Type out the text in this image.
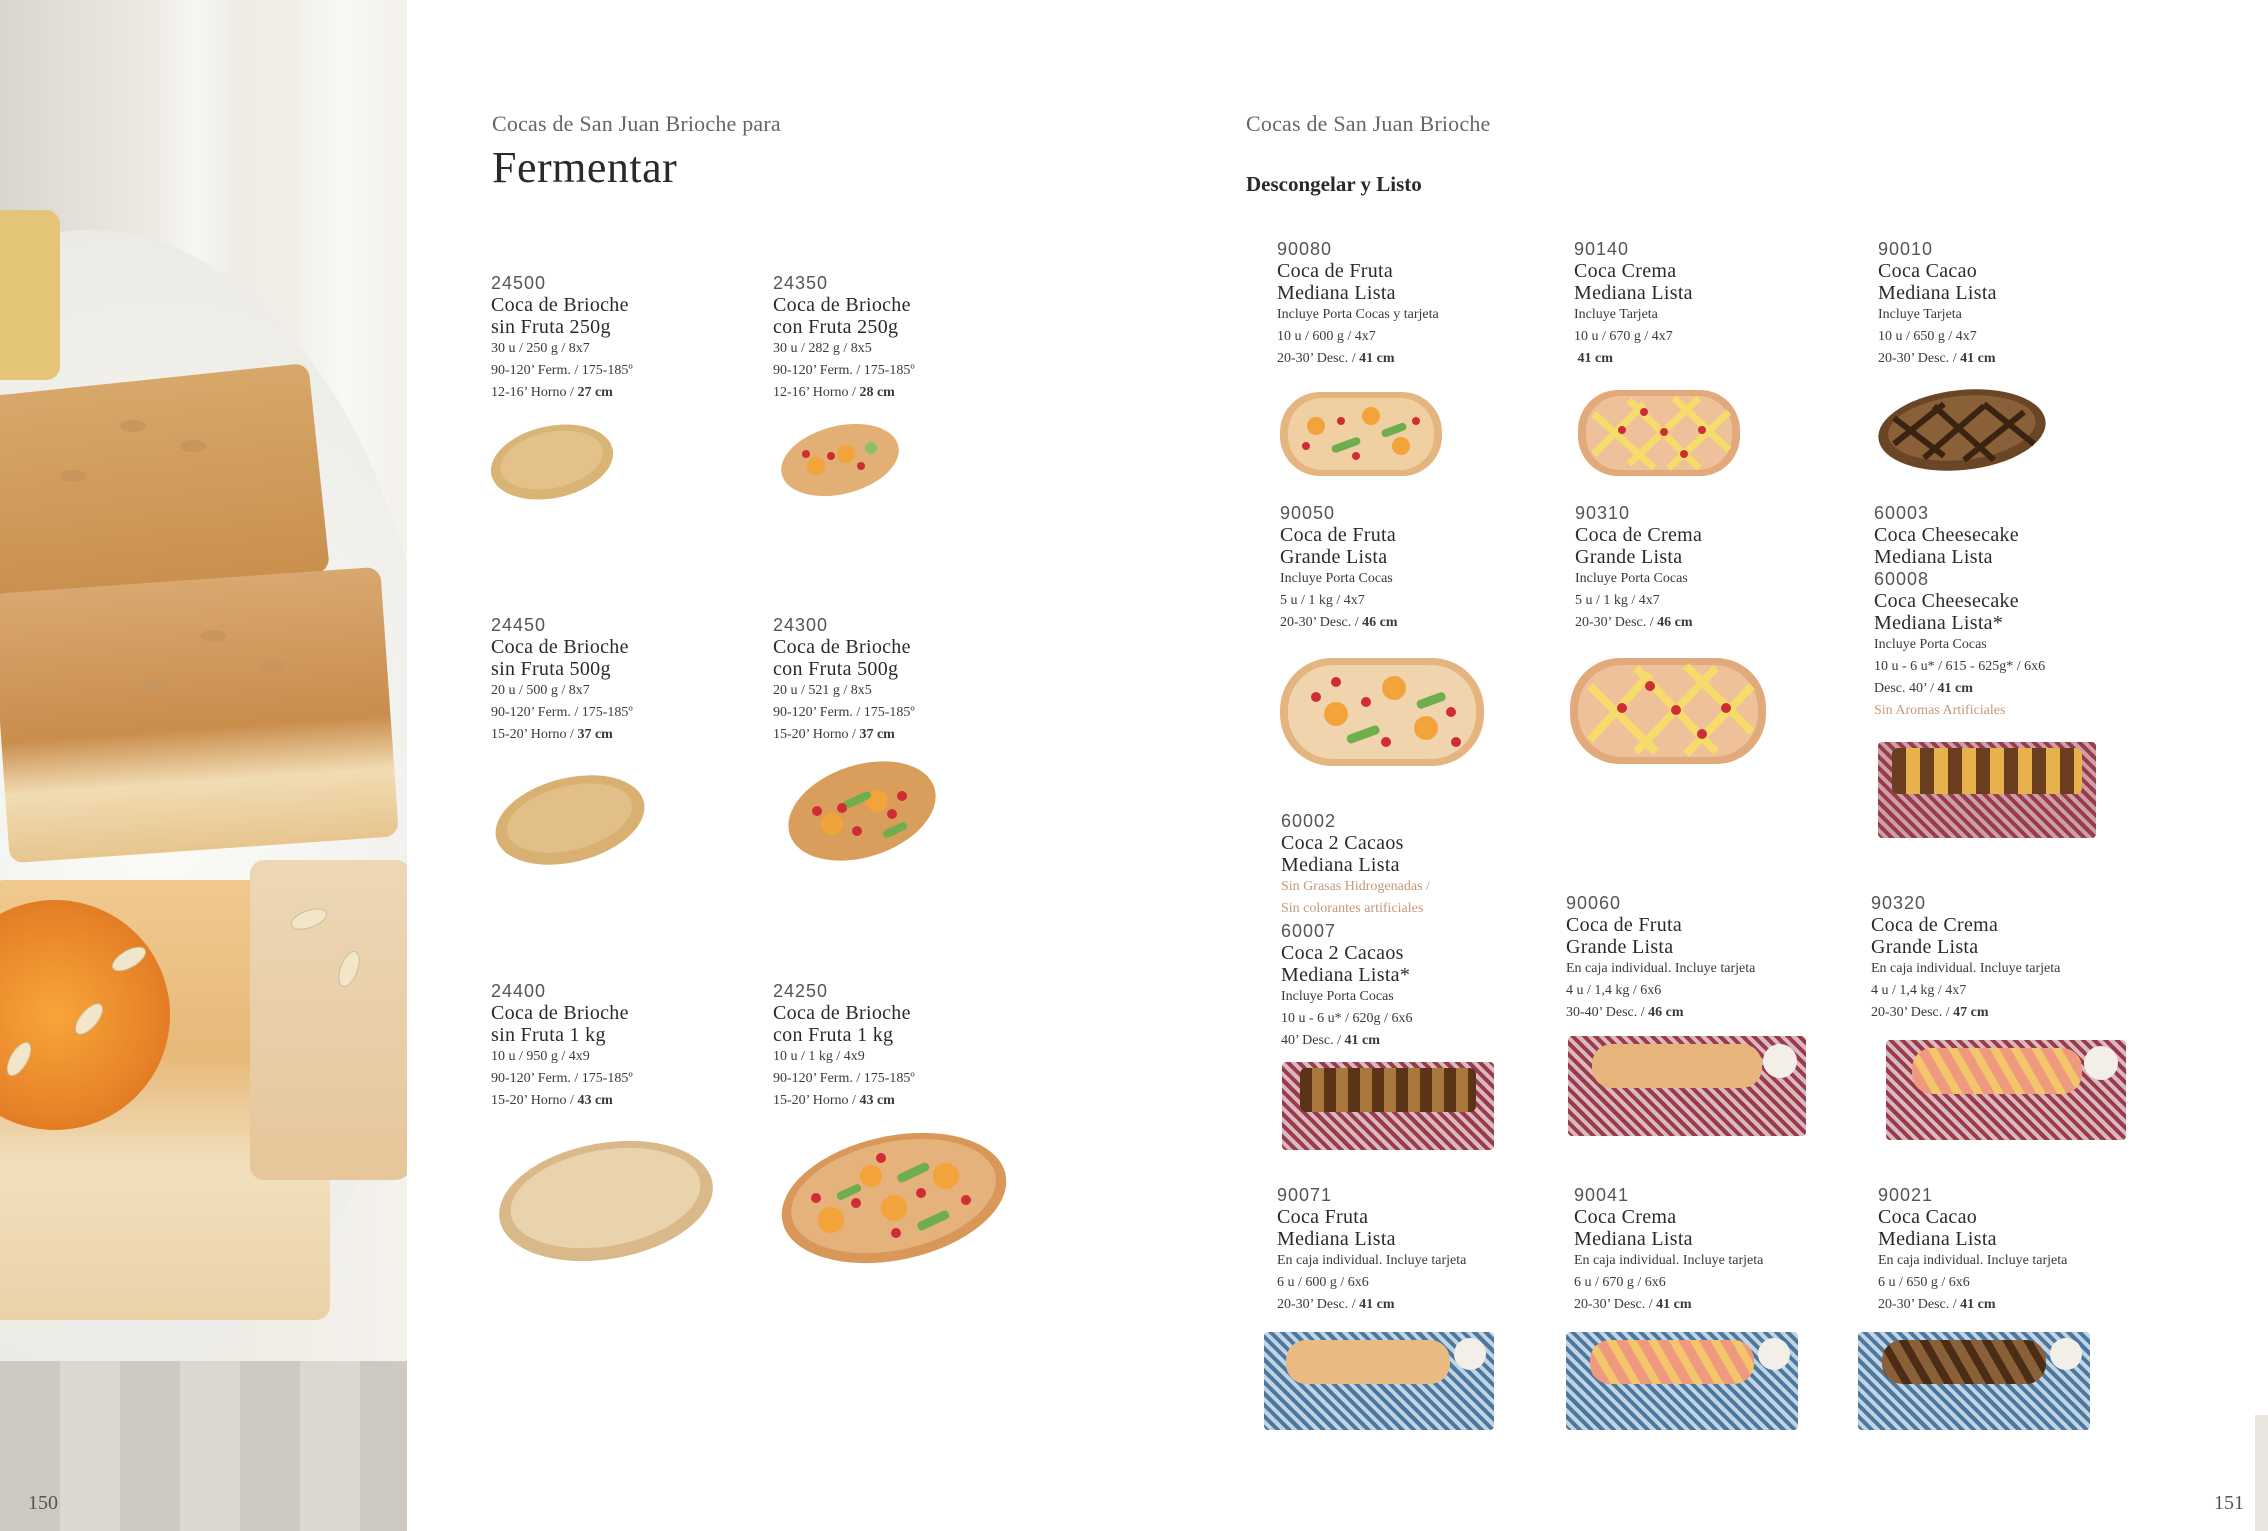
150	151
Cocas de San Juan Brioche para
Fermentar
24500
Coca de Brioche
sin Fruta 250g
30 u / 250 g / 8x7
90-120’ Ferm. / 175-185º
12-16’ Horno / 27 cm
24350
Coca de Brioche
con Fruta 250g
30 u / 282 g / 8x5
90-120’ Ferm. / 175-185º
12-16’ Horno / 28 cm
24450
Coca de Brioche
sin Fruta 500g
20 u / 500 g / 8x7
90-120’ Ferm. / 175-185º
15-20’ Horno / 37 cm
24300
Coca de Brioche
con Fruta 500g
20 u / 521 g / 8x5
90-120’ Ferm. / 175-185º
15-20’ Horno / 37 cm
24400
Coca de Brioche
sin Fruta 1 kg
10 u / 950 g / 4x9
90-120’ Ferm. / 175-185º
15-20’ Horno / 43 cm
24250
Coca de Brioche
con Fruta 1 kg
10 u / 1 kg / 4x9
90-120’ Ferm. / 175-185º
15-20’ Horno / 43 cm
Cocas de San Juan Brioche
Descongelar y Listo
90080
Coca de Fruta
Mediana Lista
Incluye Porta Cocas y tarjeta
10 u / 600 g / 4x7
20-30’ Desc. / 41 cm
90140
Coca Crema
Mediana Lista
Incluye Tarjeta
10 u / 670 g / 4x7
41 cm
90010
Coca Cacao
Mediana Lista
Incluye Tarjeta
10 u / 650 g / 4x7
20-30’ Desc. / 41 cm
90050
Coca de Fruta
Grande Lista
Incluye Porta Cocas
5 u / 1 kg / 4x7
20-30’ Desc. / 46 cm
90310
Coca de Crema
Grande Lista
Incluye Porta Cocas
5 u / 1 kg / 4x7
20-30’ Desc. / 46 cm
60003
Coca Cheesecake
Mediana Lista
60008
Coca Cheesecake
Mediana Lista*
Incluye Porta Cocas
10 u - 6 u* / 615 - 625g* / 6x6
Desc. 40’ / 41 cm
Sin Aromas Artificiales
60002
Coca 2 Cacaos
Mediana Lista
Sin Grasas Hidrogenadas /
Sin colorantes artificiales
60007
Coca 2 Cacaos
Mediana Lista*
Incluye Porta Cocas
10 u - 6 u* / 620g / 6x6
40’ Desc. / 41 cm
90060
Coca de Fruta
Grande Lista
En caja individual. Incluye tarjeta
4 u / 1,4 kg / 6x6
30-40’ Desc. / 46 cm
90320
Coca de Crema
Grande Lista
En caja individual. Incluye tarjeta
4 u / 1,4 kg / 4x7
20-30’ Desc. / 47 cm
90071
Coca Fruta
Mediana Lista
En caja individual. Incluye tarjeta
6 u / 600 g / 6x6
20-30’ Desc. / 41 cm
90041
Coca Crema
Mediana Lista
En caja individual. Incluye tarjeta
6 u / 670 g / 6x6
20-30’ Desc. / 41 cm
90021
Coca Cacao
Mediana Lista
En caja individual. Incluye tarjeta
6 u / 650 g / 6x6
20-30’ Desc. / 41 cm
